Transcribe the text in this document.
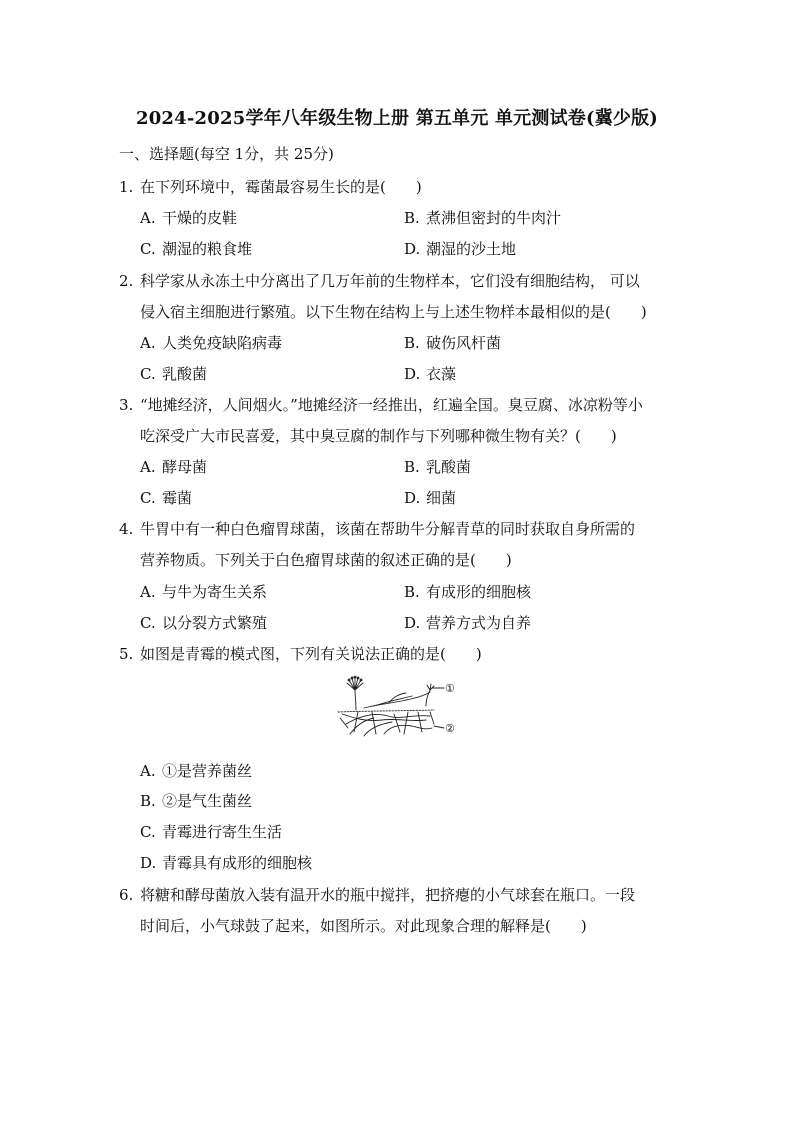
2024-2025学年八年级生物上册 第五单元 单元测试卷(冀少版)
一、选择题(每空 1分，共 25分)
1. 在下列环境中，霉菌最容易生长的是(　　)
A. 干燥的皮鞋	B. 煮沸但密封的牛肉汁
C. 潮湿的粮食堆	D. 潮湿的沙土地
2. 科学家从永冻土中分离出了几万年前的生物样本，它们没有细胞结构， 可以
侵入宿主细胞进行繁殖。以下生物在结构上与上述生物样本最相似的是(　　)
A. 人类免疫缺陷病毒	B. 破伤风杆菌
C. 乳酸菌	D. 衣藻
3. “地摊经济，人间烟火。”地摊经济一经推出，红遍全国。臭豆腐、冰凉粉等小
吃深受广大市民喜爱，其中臭豆腐的制作与下列哪种微生物有关？(　　)
A. 酵母菌	B. 乳酸菌
C. 霉菌	D. 细菌
4. 牛胃中有一种白色瘤胃球菌，该菌在帮助牛分解青草的同时获取自身所需的
营养物质。下列关于白色瘤胃球菌的叙述正确的是(　　)
A. 与牛为寄生关系	B. 有成形的细胞核
C. 以分裂方式繁殖	D. 营养方式为自养
5. 如图是青霉的模式图，下列有关说法正确的是(　　)
①
②
A. ①是营养菌丝
B. ②是气生菌丝
C. 青霉进行寄生生活
D. 青霉具有成形的细胞核
6. 将糖和酵母菌放入装有温开水的瓶中搅拌，把挤瘪的小气球套在瓶口。一段
时间后，小气球鼓了起来，如图所示。对此现象合理的解释是(　　)
